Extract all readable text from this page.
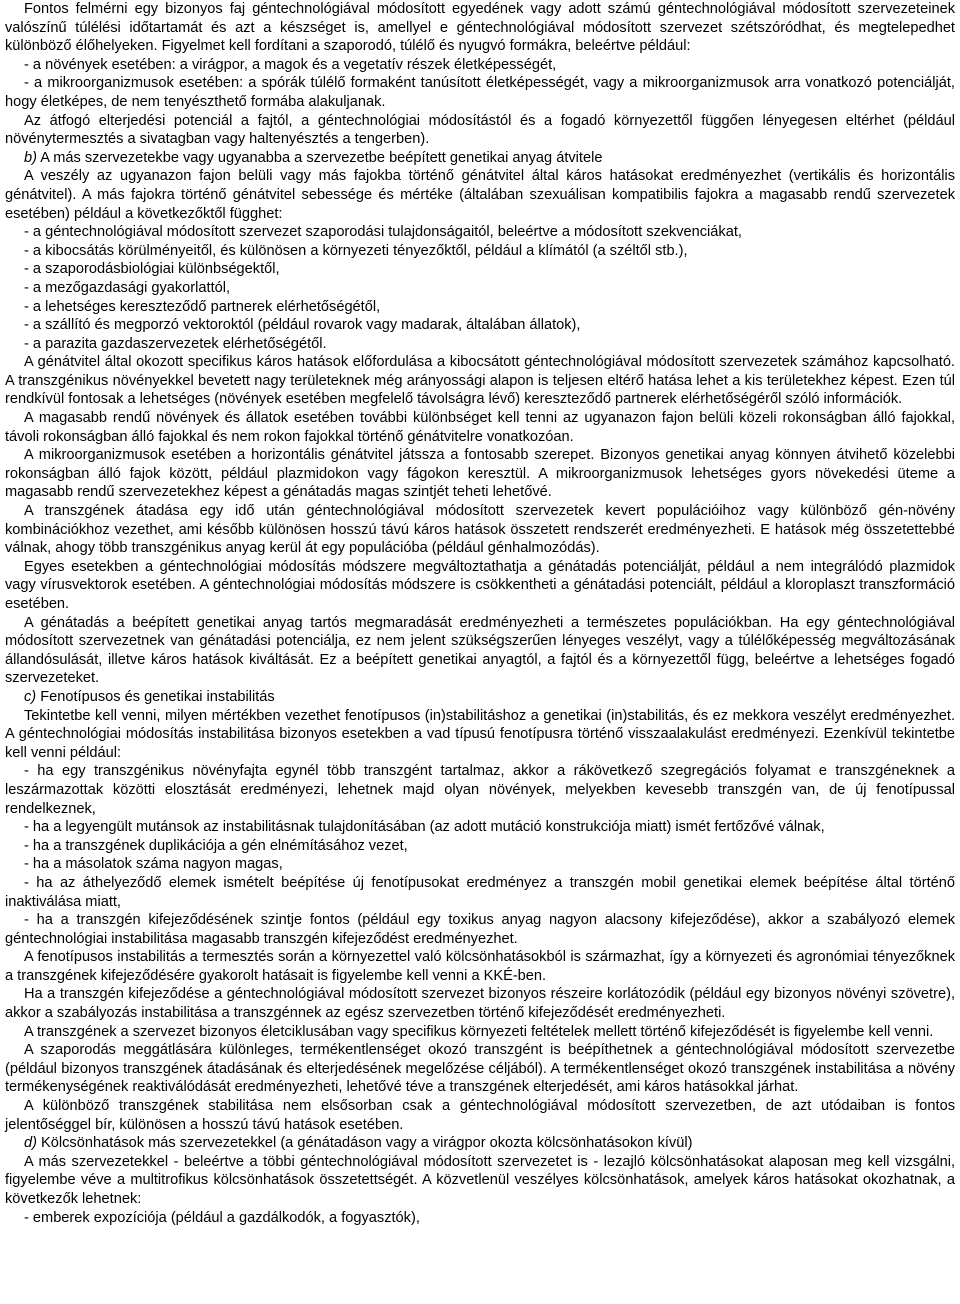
Fontos felmérni egy bizonyos faj géntechnológiával módosított egyedének vagy adott számú géntechnológiával módosított szervezeteinek valószínű túlélési időtartamát és azt a készséget is, amellyel e géntechnológiával módosított szervezet szétszóródhat, és megtelepedhet különböző élőhelyeken. Figyelmet kell fordítani a szaporodó, túlélő és nyugvó formákra, beleértve például:

- a növények esetében: a virágpor, a magok és a vegetatív részek életképességét,

- a mikroorganizmusok esetében: a spórák túlélő formaként tanúsított életképességét, vagy a mikroorganizmusok arra vonatkozó potenciálját, hogy életképes, de nem tenyészthető formába alakuljanak.

Az átfogó elterjedési potenciál a fajtól, a géntechnológiai módosítástól és a fogadó környezettől függően lényegesen eltérhet (például növénytermesztés a sivatagban vagy haltenyésztés a tengerben).

b) A más szervezetekbe vagy ugyanabba a szervezetbe beépített genetikai anyag átvitele

A veszély az ugyanazon fajon belüli vagy más fajokba történő génátvitel által káros hatásokat eredményezhet (vertikális és horizontális génátvitel). A más fajokra történő génátvitel sebessége és mértéke (általában szexuálisan kompatibilis fajokra a magasabb rendű szervezetek esetében) például a következőktől függhet:

- a géntechnológiával módosított szervezet szaporodási tulajdonságaitól, beleértve a módosított szekvenciákat,

- a kibocsátás körülményeitől, és különösen a környezeti tényezőktől, például a klímától (a széltől stb.),

- a szaporodásbiológiai különbségektől,

- a mezőgazdasági gyakorlattól,

- a lehetséges kereszteződő partnerek elérhetőségétől,

- a szállító és megporzó vektoroktól (például rovarok vagy madarak, általában állatok),

- a parazita gazdaszervezetek elérhetőségétől.

A génátvitel által okozott specifikus káros hatások előfordulása a kibocsátott géntechnológiával módosított szervezetek számához kapcsolható. A transzgénikus növényekkel bevetett nagy területeknek még arányossági alapon is teljesen eltérő hatása lehet a kis területekhez képest. Ezen túl rendkívül fontosak a lehetséges (növények esetében megfelelő távolságra lévő) kereszteződő partnerek elérhetőségéről szóló információk.

A magasabb rendű növények és állatok esetében további különbséget kell tenni az ugyanazon fajon belüli közeli rokonságban álló fajokkal, távoli rokonságban álló fajokkal és nem rokon fajokkal történő génátvitelre vonatkozóan.

A mikroorganizmusok esetében a horizontális génátvitel játssza a fontosabb szerepet. Bizonyos genetikai anyag könnyen átvihető közelebbi rokonságban álló fajok között, például plazmidokon vagy fágokon keresztül. A mikroorganizmusok lehetséges gyors növekedési üteme a magasabb rendű szervezetekhez képest a génátadás magas szintjét teheti lehetővé.

A transzgének átadása egy idő után géntechnológiával módosított szervezetek kevert populációihoz vagy különböző gén-növény kombinációkhoz vezethet, ami később különösen hosszú távú káros hatások összetett rendszerét eredményezheti. E hatások még összetettebbé válnak, ahogy több transzgénikus anyag kerül át egy populációba (például génhalmozódás).

Egyes esetekben a géntechnológiai módosítás módszere megváltoztathatja a génátadás potenciálját, például a nem integrálódó plazmidok vagy vírusvektorok esetében. A géntechnológiai módosítás módszere is csökkentheti a génátadási potenciált, például a kloroplaszt transzformáció esetében.

A génátadás a beépített genetikai anyag tartós megmaradását eredményezheti a természetes populációkban. Ha egy géntechnológiával módosított szervezetnek van génátadási potenciálja, ez nem jelent szükségszerűen lényeges veszélyt, vagy a túlélőképesség megváltozásának állandósulását, illetve káros hatások kiváltását. Ez a beépített genetikai anyagtól, a fajtól és a környezettől függ, beleértve a lehetséges fogadó szervezeteket.

c) Fenotípusos és genetikai instabilitás

Tekintetbe kell venni, milyen mértékben vezethet fenotípusos (in)stabilitáshoz a genetikai (in)stabilitás, és ez mekkora veszélyt eredményezhet. A géntechnológiai módosítás instabilitása bizonyos esetekben a vad típusú fenotípusra történő visszaalakulást eredményezi. Ezenkívül tekintetbe kell venni például:

- ha egy transzgénikus növényfajta egynél több transzgént tartalmaz, akkor a rákövetkező szegregációs folyamat e transzgéneknek a leszármazottak közötti elosztását eredményezi, lehetnek majd olyan növények, melyekben kevesebb transzgén van, de új fenotípussal rendelkeznek,

- ha a legyengült mutánsok az instabilitásnak tulajdonításában (az adott mutáció konstrukciója miatt) ismét fertőzővé válnak,

- ha a transzgének duplikációja a gén elnémításához vezet,

- ha a másolatok száma nagyon magas,

- ha az áthelyeződő elemek ismételt beépítése új fenotípusokat eredményez a transzgén mobil genetikai elemek beépítése által történő inaktiválása miatt,

- ha a transzgén kifejeződésének szintje fontos (például egy toxikus anyag nagyon alacsony kifejeződése), akkor a szabályozó elemek géntechnológiai instabilitása magasabb transzgén kifejeződést eredményezhet.

A fenotípusos instabilitás a termesztés során a környezettel való kölcsönhatásokból is származhat, így a környezeti és agronómiai tényezőknek a transzgének kifejeződésére gyakorolt hatásait is figyelembe kell venni a KKÉ-ben.

Ha a transzgén kifejeződése a géntechnológiával módosított szervezet bizonyos részeire korlátozódik (például egy bizonyos növényi szövetre), akkor a szabályozás instabilitása a transzgénnek az egész szervezetben történő kifejeződését eredményezheti.

A transzgének a szervezet bizonyos életciklusában vagy specifikus környezeti feltételek mellett történő kifejeződését is figyelembe kell venni.

A szaporodás meggátlására különleges, termékentlenséget okozó transzgént is beépíthetnek a géntechnológiával módosított szervezetbe (például bizonyos transzgének átadásának és elterjedésének megelőzése céljából). A termékentlenséget okozó transzgének instabilitása a növény termékenységének reaktiválódását eredményezheti, lehetővé téve a transzgének elterjedését, ami káros hatásokkal járhat.

A különböző transzgének stabilitása nem elsősorban csak a géntechnológiával módosított szervezetben, de azt utódaiban is fontos jelentőséggel bír, különösen a hosszú távú hatások esetében.

d) Kölcsönhatások más szervezetekkel (a génátadáson vagy a virágpor okozta kölcsönhatásokon kívül)

A más szervezetekkel - beleértve a többi géntechnológiával módosított szervezetet is - lezajló kölcsönhatásokat alaposan meg kell vizsgálni, figyelembe véve a multitrofikus kölcsönhatások összetettségét. A közvetlenül veszélyes kölcsönhatások, amelyek káros hatásokat okozhatnak, a következők lehetnek:

- emberek expozíciója (például a gazdálkodók, a fogyasztók),
